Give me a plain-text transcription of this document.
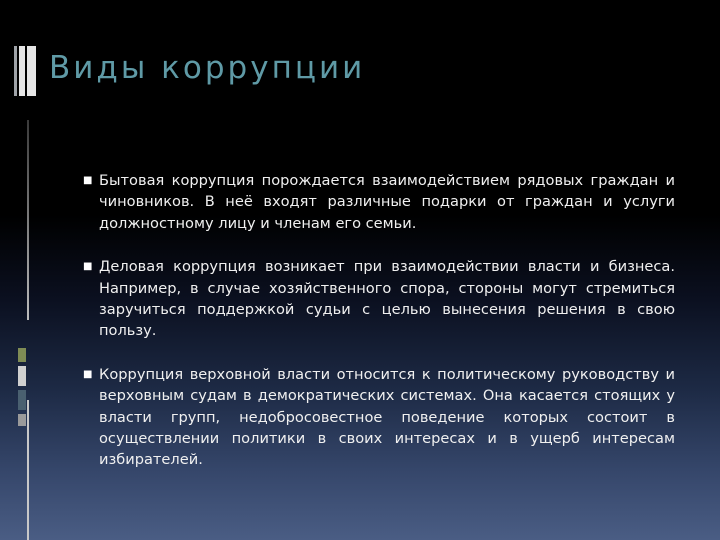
Виды коррупции
■ Бытовая коррупция порождается взаимодействием рядовых граждан и чиновников. В неё входят различные подарки от граждан и услуги должностному лицу и членам его семьи.
■ Деловая коррупция возникает при взаимодействии власти и бизнеса. Например, в случае хозяйственного спора, стороны могут стремиться заручиться поддержкой судьи с целью вынесения решения в свою пользу.
■ Коррупция верховной власти относится к политическому руководству и верховным судам в демократических системах. Она касается стоящих у власти групп, недобросовестное поведение которых состоит в осуществлении политики в своих интересах и в ущерб интересам избирателей.
